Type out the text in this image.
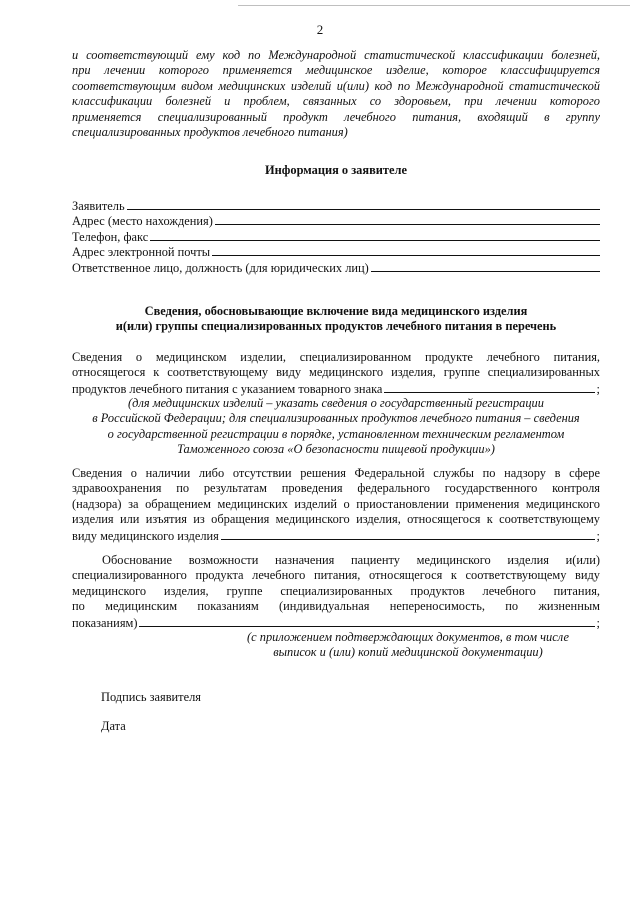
2
и соответствующий ему код по Международной статистической классификации болезней,
при лечении которого применяется медицинское изделие, которое классифицируется
соответствующим видом медицинских изделий и(или) код по Международной статистической
классификации болезней и проблем, связанных со здоровьем, при лечении которого
применяется специализированный продукт лечебного питания, входящий в группу
специализированных продуктов лечебного питания)
Информация о заявителе
Заявитель
Адрес (место нахождения)
Телефон, факс
Адрес электронной почты
Ответственное лицо, должность (для юридических лиц)
Сведения, обосновывающие включение вида медицинского изделия
и(или) группы специализированных продуктов лечебного питания в перечень
Сведения о медицинском изделии, специализированном продукте лечебного питания,
относящегося к соответствующему виду медицинского изделия, группе специализированных
продуктов лечебного питания с указанием товарного знака	;
(для медицинских изделий – указать сведения о государственный регистрации
в Российской Федерации; для специализированных продуктов лечебного питания – сведения
о государственной регистрации в порядке, установленном техническим регламентом
Таможенного союза «О безопасности пищевой продукции»)
Сведения о наличии либо отсутствии решения Федеральной службы по надзору в сфере
здравоохранения по результатам проведения федерального государственного контроля
(надзора) за обращением медицинских изделий о приостановлении применения медицинского
изделия или изъятия из обращения медицинского изделия, относящегося к соответствующему
виду медицинского изделия	;
Обоснование возможности назначения пациенту медицинского изделия и(или)
специализированного продукта лечебного питания, относящегося к соответствующему виду
медицинского изделия, группе специализированных продуктов лечебного питания,
по медицинским показаниям (индивидуальная непереносимость, по жизненным
показаниям)	;
(с приложением подтверждающих документов, в том числе
выписок и (или) копий медицинской документации)
Подпись заявителя
Дата
